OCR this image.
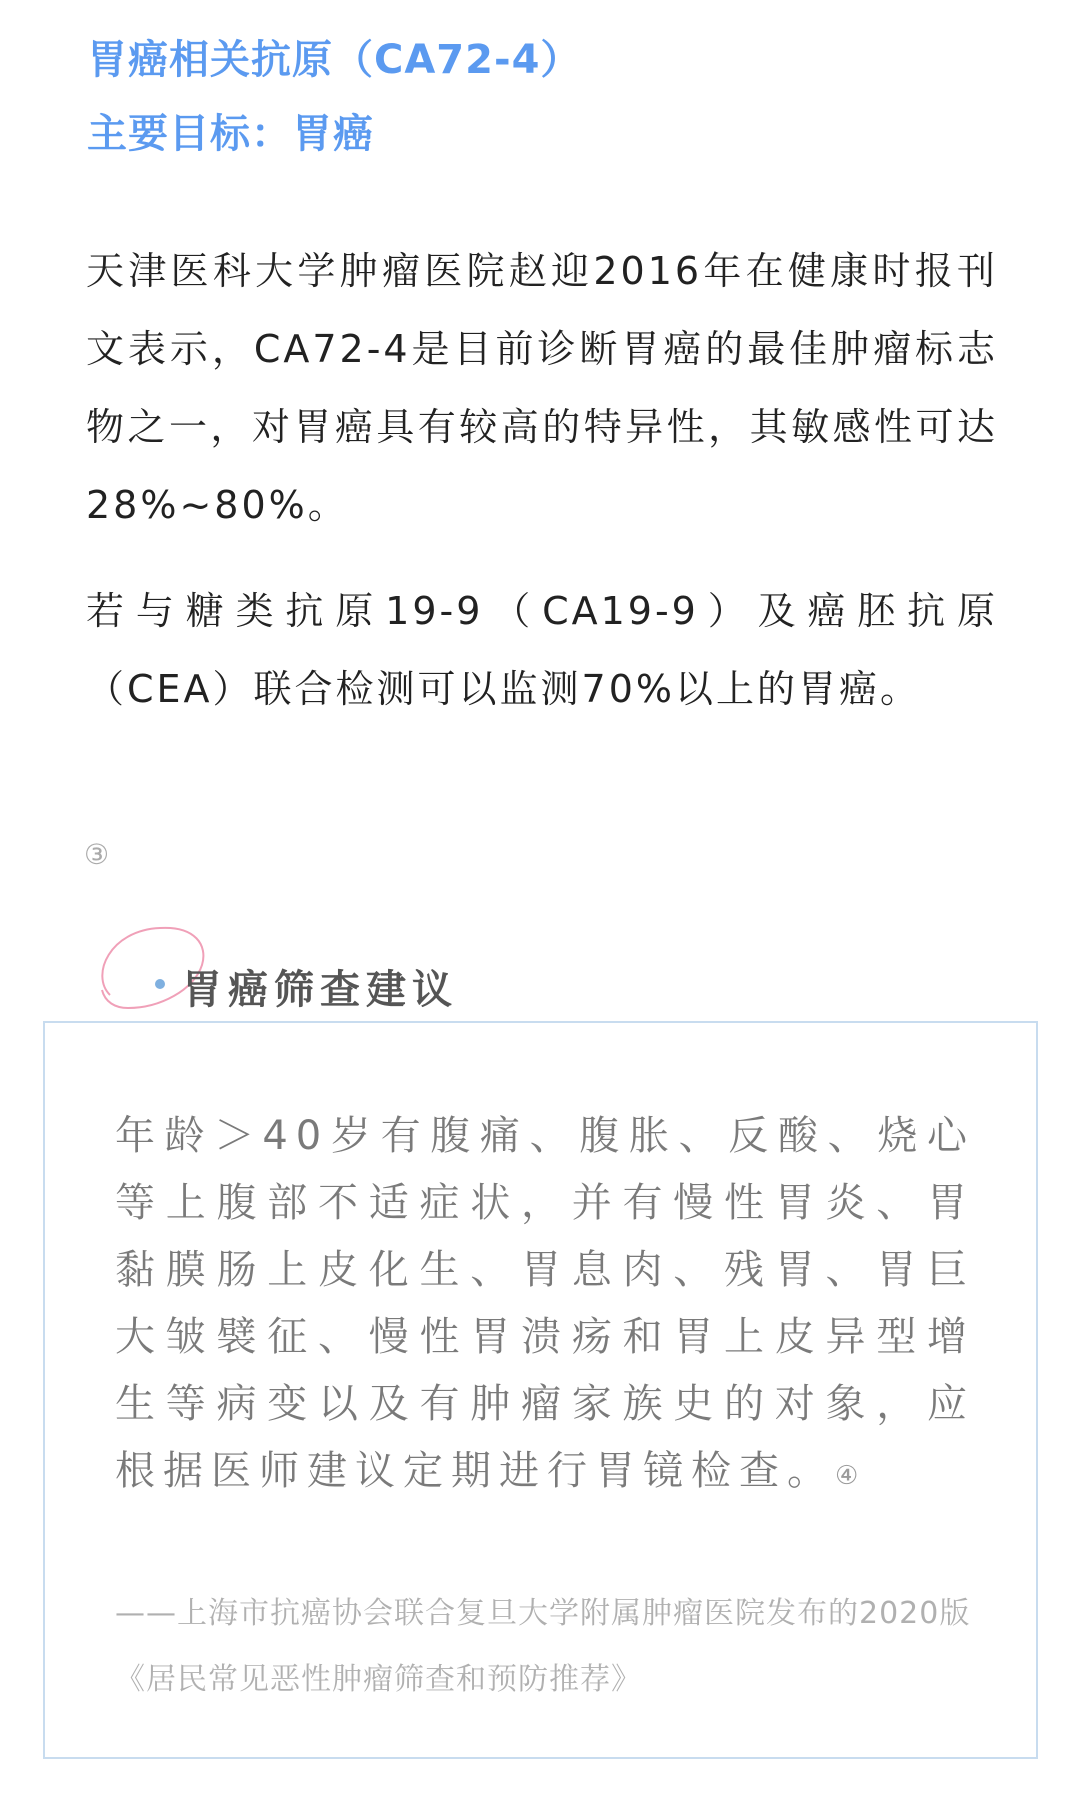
胃癌相关抗原（CA72-4）
主要目标：胃癌

天津医科大学肿瘤医院赵迎2016年在健康时报刊文表示，CA72-4是目前诊断胃癌的最佳肿瘤标志物之一，对胃癌具有较高的特异性，其敏感性可达28%~80%。

若与糖类抗原19-9（CA19-9）及癌胚抗原（CEA）联合检测可以监测70%以上的胃癌。

③
胃癌筛查建议

年龄＞40岁有腹痛、腹胀、反酸、烧心等上腹部不适症状，并有慢性胃炎、胃黏膜肠上皮化生、胃息肉、残胃、胃巨大皱襞征、慢性胃溃疡和胃上皮异型增生等病变以及有肿瘤家族史的对象，应根据医师建议定期进行胃镜检查。④

——上海市抗癌协会联合复旦大学附属肿瘤医院发布的2020版《居民常见恶性肿瘤筛查和预防推荐》
